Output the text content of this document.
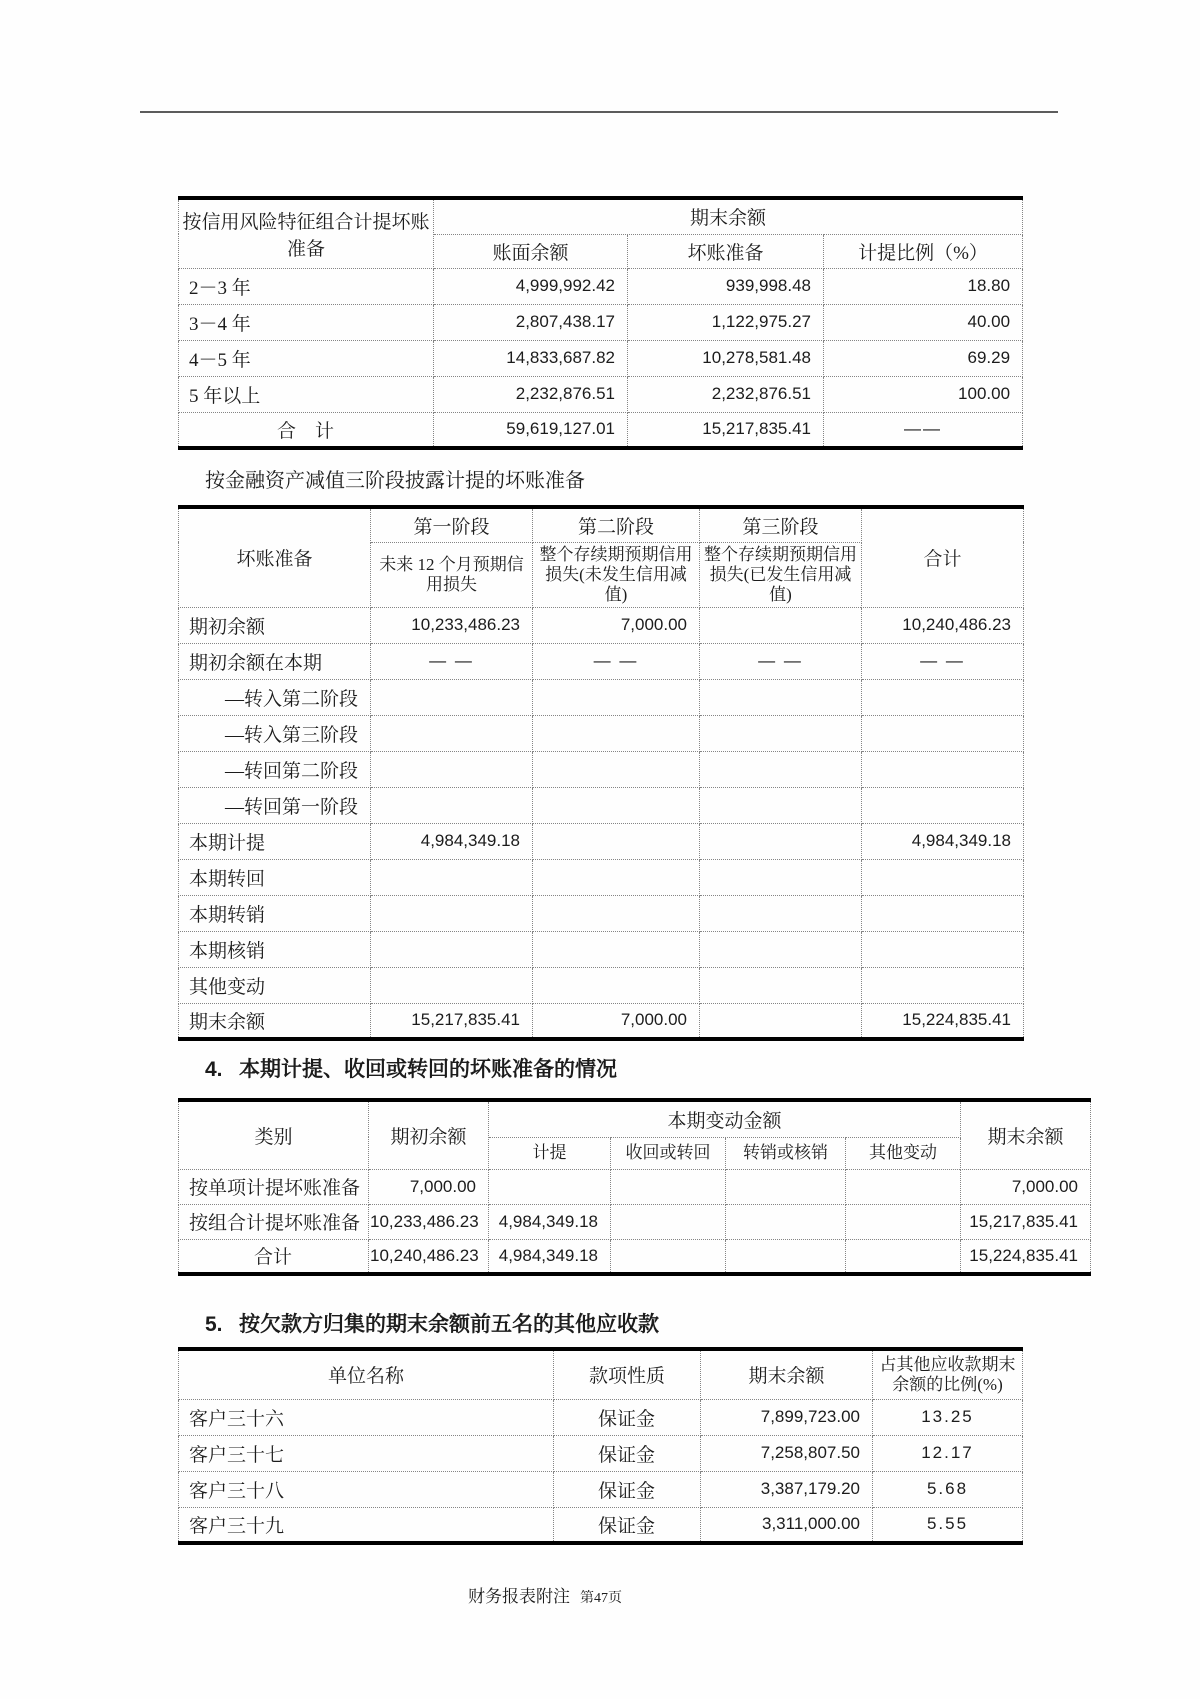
按信用风险特征组合计提坏账准备	期末余额		
	账面余额	坏账准备	计提比例（%）
2－3 年	4,999,992.42	939,998.48	18.80
3－4 年	2,807,438.17	1,122,975.27	40.00
4－5 年	14,833,687.82	10,278,581.48	69.29
5 年以上	2,232,876.51	2,232,876.51	100.00
合　计	59,619,127.01	15,217,835.41	——
按金融资产减值三阶段披露计提的坏账准备
坏账准备	第一阶段	第二阶段	第三阶段	合计
	未来 12 个月预期信用损失	整个存续期预期信用损失(未发生信用减值)	整个存续期预期信用损失(已发生信用减值)	
期初余额	10,233,486.23	7,000.00		10,240,486.23
期初余额在本期	— —	— —	— —	— —
—转入第二阶段				
—转入第三阶段				
—转回第二阶段				
—转回第一阶段				
本期计提	4,984,349.18			4,984,349.18
本期转回				
本期转销				
本期核销				
其他变动				
期末余额	15,217,835.41	7,000.00		15,224,835.41
4. 本期计提、收回或转回的坏账准备的情况
类别	期初余额	本期变动金额				期末余额
		计提	收回或转回	转销或核销	其他变动	
按单项计提坏账准备	7,000.00					7,000.00
按组合计提坏账准备	10,233,486.23	4,984,349.18				15,217,835.41
合计	10,240,486.23	4,984,349.18				15,224,835.41
5. 按欠款方归集的期末余额前五名的其他应收款
单位名称	款项性质	期末余额	占其他应收款期末余额的比例(%)
客户三十六	保证金	7,899,723.00	13.25
客户三十七	保证金	7,258,807.50	12.17
客户三十八	保证金	3,387,179.20	5.68
客户三十九	保证金	3,311,000.00	5.55
财务报表附注 第47页
